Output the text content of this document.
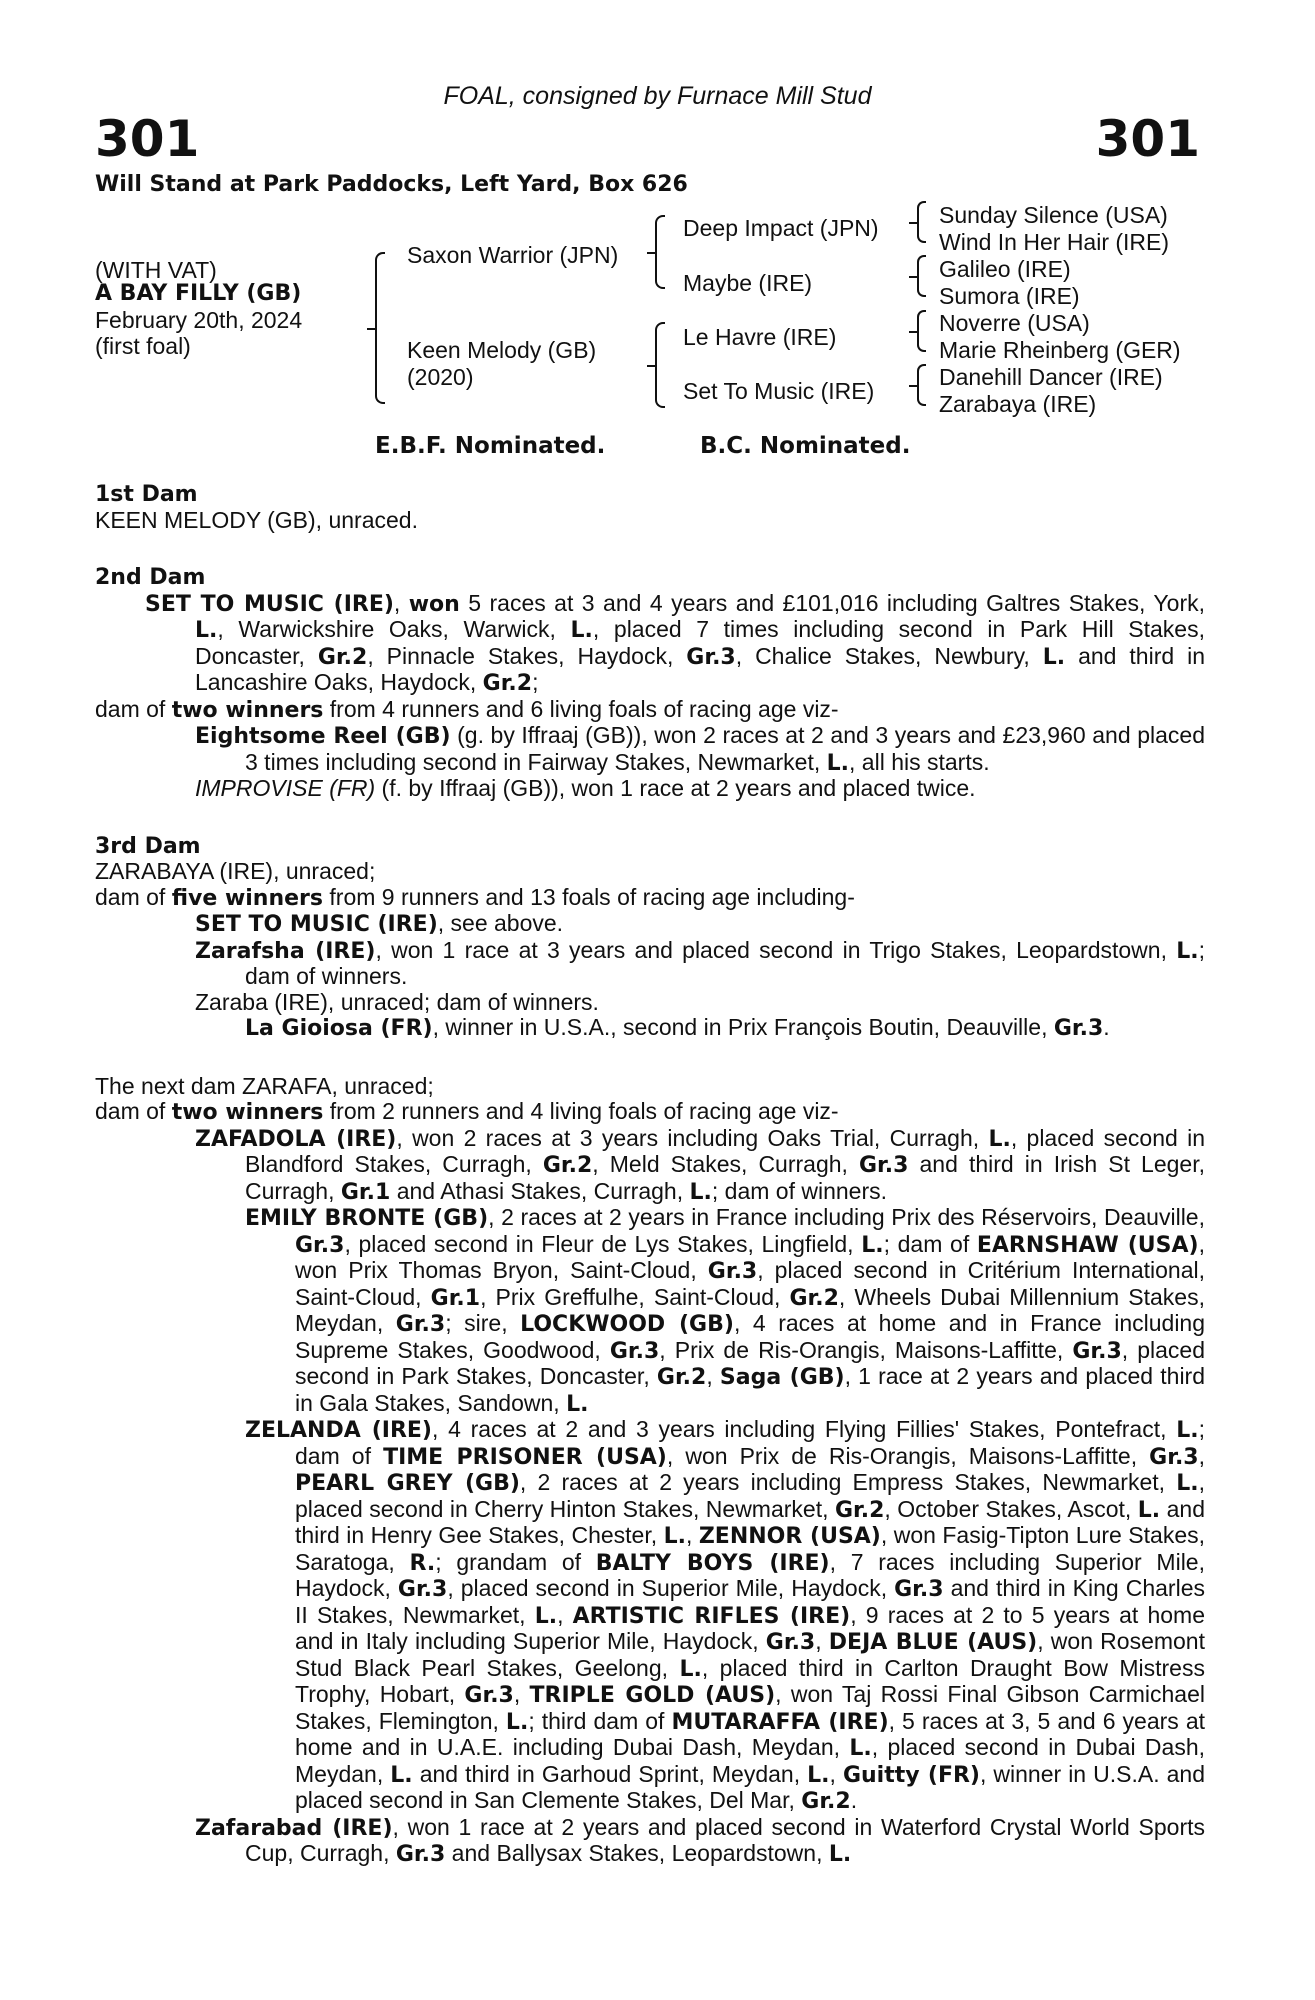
301
FOAL, consigned by Furnace Mill Stud
301
Will Stand at Park Paddocks, Left Yard, Box 626
(WITH VAT)
A BAY FILLY (GB)
February 20th, 2024
(first foal)
Saxon Warrior (JPN)
Keen Melody (GB)
(2020)
Deep Impact (JPN)
Maybe (IRE)
Le Havre (IRE)
Set To Music (IRE)
Sunday Silence (USA)
Wind In Her Hair (IRE)
Galileo (IRE)
Sumora (IRE)
Noverre (USA)
Marie Rheinberg (GER)
Danehill Dancer (IRE)
Zarabaya (IRE)
E.B.F. Nominated.	B.C. Nominated.
1st Dam

KEEN MELODY (GB), unraced.

2nd Dam

SET TO MUSIC (IRE), won 5 races at 3 and 4 years and £101,016 including Galtres Stakes, York, L., Warwickshire Oaks, Warwick, L., placed 7 times including second in Park Hill Stakes, Doncaster, Gr.2, Pinnacle Stakes, Haydock, Gr.3, Chalice Stakes, Newbury, L. and third in Lancashire Oaks, Haydock, Gr.2;

dam of two winners from 4 runners and 6 living foals of racing age viz-

Eightsome Reel (GB) (g. by Iffraaj (GB)), won 2 races at 2 and 3 years and £23,960 and placed 3 times including second in Fairway Stakes, Newmarket, L., all his starts.

IMPROVISE (FR) (f. by Iffraaj (GB)), won 1 race at 2 years and placed twice.

3rd Dam

ZARABAYA (IRE), unraced;

dam of five winners from 9 runners and 13 foals of racing age including-

SET TO MUSIC (IRE), see above.

Zarafsha (IRE), won 1 race at 3 years and placed second in Trigo Stakes, Leopardstown, L.; dam of winners.

Zaraba (IRE), unraced; dam of winners.

La Gioiosa (FR), winner in U.S.A., second in Prix François Boutin, Deauville, Gr.3.

The next dam ZARAFA, unraced;

dam of two winners from 2 runners and 4 living foals of racing age viz-

ZAFADOLA (IRE), won 2 races at 3 years including Oaks Trial, Curragh, L., placed second in Blandford Stakes, Curragh, Gr.2, Meld Stakes, Curragh, Gr.3 and third in Irish St Leger, Curragh, Gr.1 and Athasi Stakes, Curragh, L.; dam of winners.

EMILY BRONTE (GB), 2 races at 2 years in France including Prix des Réservoirs, Deauville, Gr.3, placed second in Fleur de Lys Stakes, Lingfield, L.; dam of EARNSHAW (USA), won Prix Thomas Bryon, Saint-Cloud, Gr.3, placed second in Critérium International, Saint-Cloud, Gr.1, Prix Greffulhe, Saint-Cloud, Gr.2, Wheels Dubai Millennium Stakes, Meydan, Gr.3; sire, LOCKWOOD (GB), 4 races at home and in France including Supreme Stakes, Goodwood, Gr.3, Prix de Ris-Orangis, Maisons-Laffitte, Gr.3, placed second in Park Stakes, Doncaster, Gr.2, Saga (GB), 1 race at 2 years and placed third in Gala Stakes, Sandown, L.

ZELANDA (IRE), 4 races at 2 and 3 years including Flying Fillies' Stakes, Pontefract, L.; dam of TIME PRISONER (USA), won Prix de Ris-Orangis, Maisons-Laffitte, Gr.3, PEARL GREY (GB), 2 races at 2 years including Empress Stakes, Newmarket, L., placed second in Cherry Hinton Stakes, Newmarket, Gr.2, October Stakes, Ascot, L. and third in Henry Gee Stakes, Chester, L., ZENNOR (USA), won Fasig-Tipton Lure Stakes, Saratoga, R.; grandam of BALTY BOYS (IRE), 7 races including Superior Mile, Haydock, Gr.3, placed second in Superior Mile, Haydock, Gr.3 and third in King Charles II Stakes, Newmarket, L., ARTISTIC RIFLES (IRE), 9 races at 2 to 5 years at home and in Italy including Superior Mile, Haydock, Gr.3, DEJA BLUE (AUS), won Rosemont Stud Black Pearl Stakes, Geelong, L., placed third in Carlton Draught Bow Mistress Trophy, Hobart, Gr.3, TRIPLE GOLD (AUS), won Taj Rossi Final Gibson Carmichael Stakes, Flemington, L.; third dam of MUTARAFFA (IRE), 5 races at 3, 5 and 6 years at home and in U.A.E. including Dubai Dash, Meydan, L., placed second in Dubai Dash, Meydan, L. and third in Garhoud Sprint, Meydan, L., Guitty (FR), winner in U.S.A. and placed second in San Clemente Stakes, Del Mar, Gr.2.

Zafarabad (IRE), won 1 race at 2 years and placed second in Waterford Crystal World Sports Cup, Curragh, Gr.3 and Ballysax Stakes, Leopardstown, L.
